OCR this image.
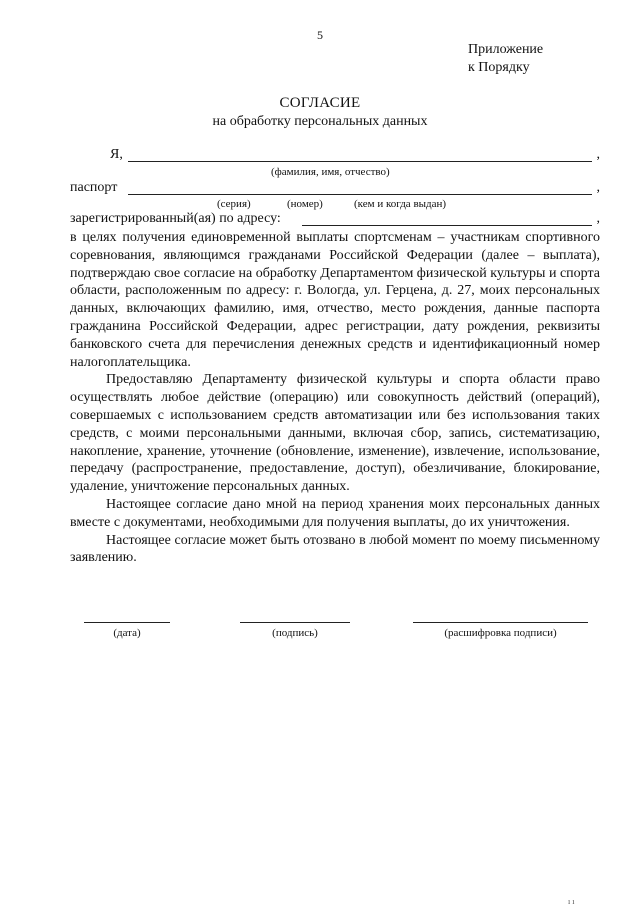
5
Приложение
к Порядку
СОГЛАСИЕ
на обработку персональных данных
Я,	,
(фамилия, имя, отчество)
паспорт	,
(серия)	(номер)	(кем и когда выдан)
зарегистрированный(ая) по адресу:	,

в целях получения единовременной выплаты спортсменам – участникам спортивного соревнования, являющимся гражданами Российской Федерации (далее – выплата), подтверждаю свое согласие на обработку Департаментом физической культуры и спорта области, расположенным по адресу: г. Вологда, ул. Герцена, д. 27, моих персональных данных, включающих фамилию, имя, отчество, место рождения, данные паспорта гражданина Российской Федерации, адрес регистрации, дату рождения, реквизиты банковского счета для перечисления денежных средств и идентификационный номер налогоплательщика.

Предоставляю Департаменту физической культуры и спорта области право осуществлять любое действие (операцию) или совокупность действий (операций), совершаемых с использованием средств автоматизации или без использования таких средств, с моими персональными данными, включая сбор, запись, систематизацию, накопление, хранение, уточнение (обновление, изменение), извлечение, использование, передачу (распространение, предоставление, доступ), обезличивание, блокирование, удаление, уничтожение персональных данных.

Настоящее согласие дано мной на период хранения моих персональных данных вместе с документами, необходимыми для получения выплаты, до их уничтожения.

Настоящее согласие может быть отозвано в любой момент по моему письменному заявлению.

(дата)	(подпись)	(расшифровка подписи)
ı ı
